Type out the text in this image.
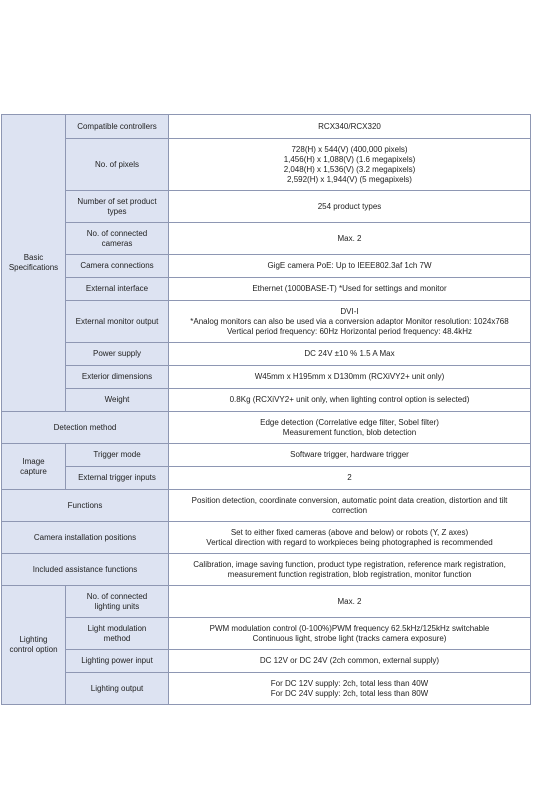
Basic
Specifications	Compatible controllers	RCX340/RCX320
	No. of pixels	728(H) x 544(V) (400,000 pixels)
1,456(H) x 1,088(V) (1.6 megapixels)
2,048(H) x 1,536(V) (3.2 megapixels)
2,592(H) x 1,944(V) (5 megapixels)
	Number of set product
types	254 product types
	No. of connected
cameras	Max. 2
	Camera connections	GigE camera PoE: Up to IEEE802.3af 1ch 7W
	External interface	Ethernet (1000BASE-T) *Used for settings and monitor
	External monitor output	DVI-I
*Analog monitors can also be used via a conversion adaptor Monitor resolution: 1024x768
Vertical period frequency: 60Hz Horizontal period frequency: 48.4kHz
	Power supply	DC 24V ±10 % 1.5 A Max
	Exterior dimensions	W45mm x H195mm x D130mm (RCXiVY2+ unit only)
	Weight	0.8Kg (RCXiVY2+ unit only, when lighting control option is selected)
Detection method		Edge detection (Correlative edge filter, Sobel filter)
Measurement function, blob detection
Image
capture	Trigger mode	Software trigger, hardware trigger
	External trigger inputs	2
Functions		Position detection, coordinate conversion, automatic point data creation, distortion and tilt
correction
Camera installation positions		Set to either fixed cameras (above and below) or robots (Y, Z axes)
Vertical direction with regard to workpieces being photographed is recommended
Included assistance functions		Calibration, image saving function, product type registration, reference mark registration,
measurement function registration, blob registration, monitor function
Lighting
control option	No. of connected
lighting units	Max. 2
	Light modulation
method	PWM modulation control (0-100%)PWM frequency 62.5kHz/125kHz switchable
Continuous light, strobe light (tracks camera exposure)
	Lighting power input	DC 12V or DC 24V (2ch common, external supply)
	Lighting output	For DC 12V supply: 2ch, total less than 40W
For DC 24V supply: 2ch, total less than 80W
